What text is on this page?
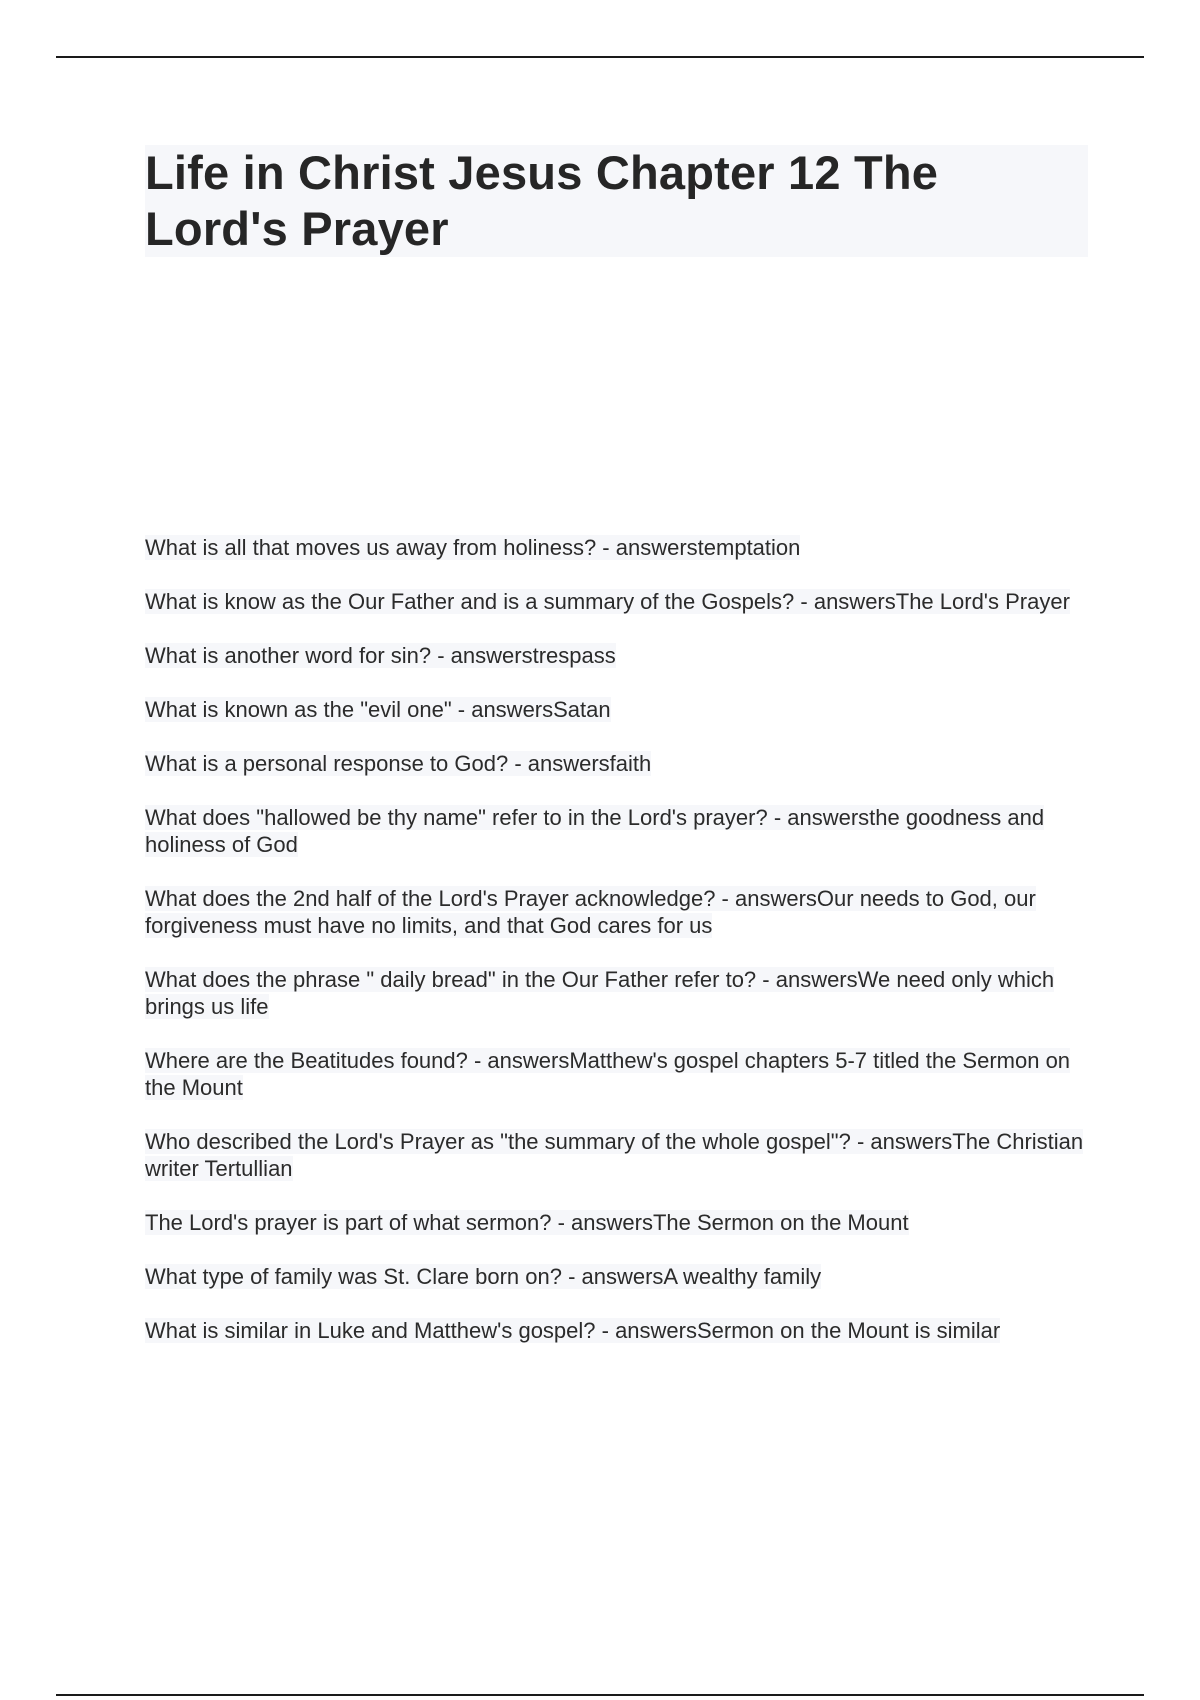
Life in Christ Jesus Chapter 12 The Lord's Prayer
What is all that moves us away from holiness? - answerstemptation
What is know as the Our Father and is a summary of the Gospels? - answersThe Lord's Prayer
What is another word for sin? - answerstrespass
What is known as the "evil one" - answersSatan
What is a personal response to God? - answersfaith
What does "hallowed be thy name" refer to in the Lord's prayer? - answersthe goodness and holiness of God
What does the 2nd half of the Lord's Prayer acknowledge? - answersOur needs to God, our forgiveness must have no limits, and that God cares for us
What does the phrase " daily bread" in the Our Father refer to? - answersWe need only which brings us life
Where are the Beatitudes found? - answersMatthew's gospel chapters 5-7 titled the Sermon on the Mount
Who described the Lord's Prayer as "the summary of the whole gospel"? - answersThe Christian writer Tertullian
The Lord's prayer is part of what sermon? - answersThe Sermon on the Mount
What type of family was St. Clare born on? - answersA wealthy family
What is similar in Luke and Matthew's gospel? - answersSermon on the Mount is similar
